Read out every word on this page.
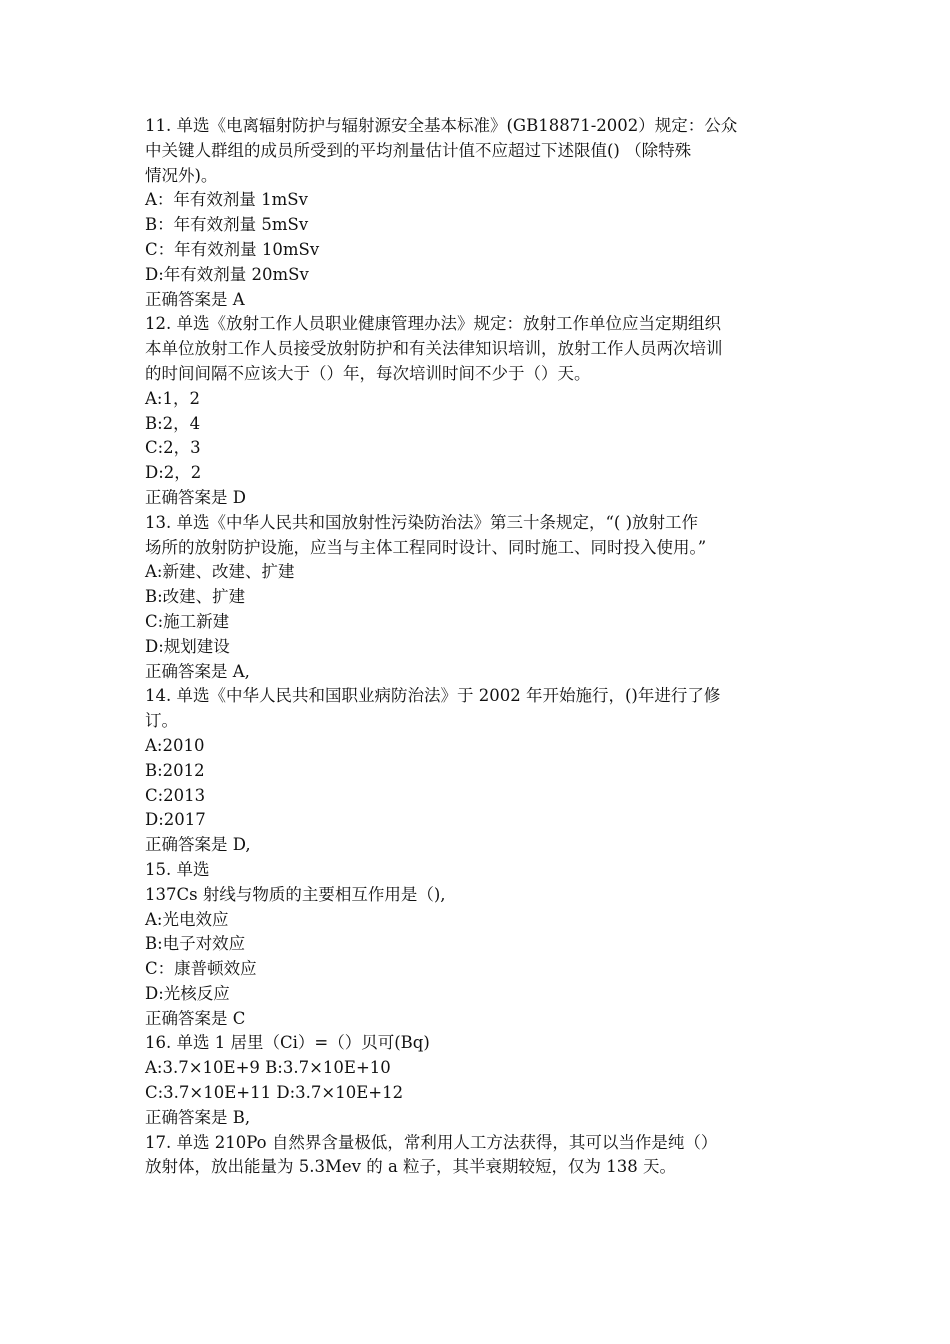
11. 单选《电离辐射防护与辐射源安全基本标准》(GB18871-2002）规定：公众
中关键人群组的成员所受到的平均剂量估计值不应超过下述限值() （除特殊
情况外)。
A：年有效剂量 1mSv
B：年有效剂量 5mSv
C：年有效剂量 10mSv
D:年有效剂量 20mSv
正确答案是 A
12. 单选《放射工作人员职业健康管理办法》规定：放射工作单位应当定期组织
本单位放射工作人员接受放射防护和有关法律知识培训，放射工作人员两次培训
的时间间隔不应该大于（）年，每次培训时间不少于（）天。
A:1，2
B:2，4
C:2，3
D:2，2
正确答案是 D
13. 单选《中华人民共和国放射性污染防治法》第三十条规定，“( )放射工作
场所的放射防护设施，应当与主体工程同时设计、同时施工、同时投入使用。”
A:新建、改建、扩建
B:改建、扩建
C:施工新建
D:规划建设
正确答案是 A,
14. 单选《中华人民共和国职业病防治法》于 2002 年开始施行，()年进行了修
订。
A:2010
B:2012
C:2013
D:2017
正确答案是 D,
15. 单选
137Cs 射线与物质的主要相互作用是（),
A:光电效应
B:电子对效应
C：康普顿效应
D:光核反应
正确答案是 C
16. 单选 1 居里（Ci）=（）贝可(Bq)
A:3.7×10E+9 B:3.7×10E+10
C:3.7×10E+11 D:3.7×10E+12
正确答案是 B,
17. 单选 210Po 自然界含量极低，常利用人工方法获得，其可以当作是纯（）
放射体，放出能量为 5.3Mev 的 a 粒子，其半衰期较短，仅为 138 天。
